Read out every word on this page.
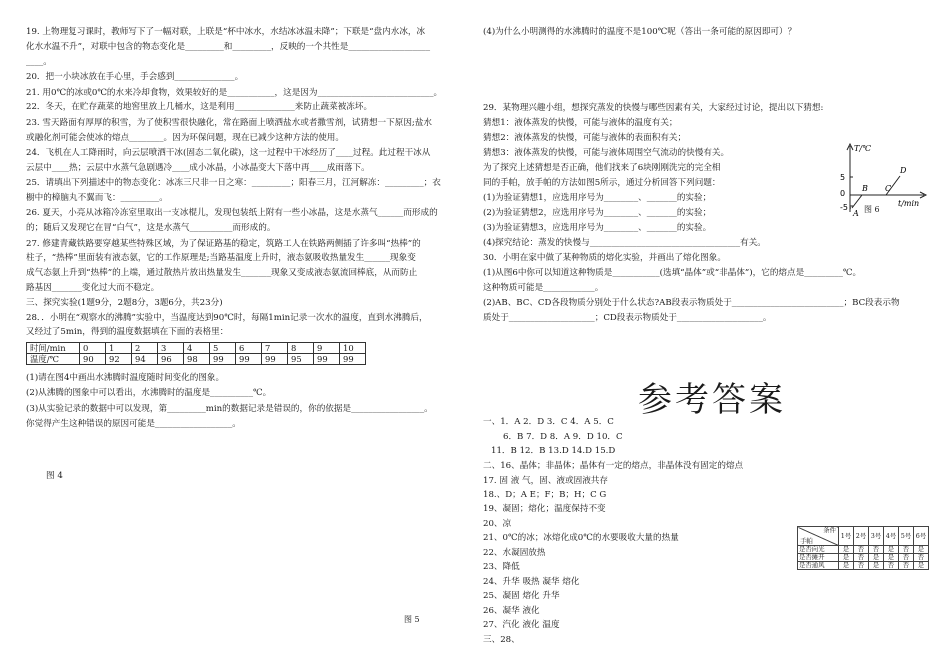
19. 上物理复习课时，教师写下了一幅对联，上联是“杯中冰水，水结冰冰温未降”；下联是“盘内水冰，冰
化水水温不升”，对联中包含的物态变化是_________和_________，反映的一个共性是___________________
____。
20．把一小块冰放在手心里，手会感到______________。
21. 用0℃的冰或0℃的水来冷却食物，效果较好的是___________，这是因为___________________________。
22．冬天，在贮存蔬菜的地窖里放上几桶水，这是利用______________来防止蔬菜被冻坏。
23. 雪天路面有厚厚的积雪，为了使积雪很快融化，常在路面上喷洒盐水或者撒雪剂，试猜想一下原因;盐水
或融化剂可能会使冰的熔点________。因为环保问题，现在已减少这种方法的使用。
24．飞机在人工降雨时，向云层喷洒干冰(固态二氧化碳)，这一过程中干冰经历了____过程。此过程干冰从
云层中____热；云层中水蒸气急剧遇冷____成小冰晶，小冰晶变大下落中再____成雨落下。
25．请填出下列描述中的物态变化：冰冻三尺非一日之寒：_________；阳春三月，江河解冻：_________；衣
橱中的樟脑丸不翼而飞：_________。
26. 夏天，小亮从冰箱冷冻室里取出一支冰棍儿，发现包装纸上附有一些小冰晶，这是水蒸气______而形成的
的；随后又发现它在冒“白气”，这是水蒸气__________而形成的。
27. 修建青藏铁路要穿越某些特殊区域，为了保证路基的稳定，筑路工人在铁路两侧插了许多叫“热棒”的
柱子，“热棒”里面装有液态氨，它的工作原理是;当路基温度上升时，液态氨吸收热量发生______现象变
成气态氨上升到“热棒”的上端，通过散热片放出热量发生_______现象又变成液态氨流回棒底，从而防止
路基因_______变化过大而不稳定。
三、探究实验(1题9分，2题8分，3题6分，共23分)
28．．小明在“观察水的沸腾”实验中，当温度达到90℃时，每隔1min记录一次水的温度，直到水沸腾后，
又经过了5min，得到的温度数据填在下面的表格里：
时间/min	0	1	2	3	4	5	6	7	8	9	10
温度/℃	90	92	94	96	98	99	99	99	95	99	99
(1)请在图4中画出水沸腾时温度随时间变化的图象。
(2)从沸腾的图象中可以看出，水沸腾时的温度是__________℃。
(3)从实验记录的数据中可以发现，第_________min的数据记录是错误的，你的依据是_________________。
你觉得产生这种错误的原因可能是__________________。
图 4
(4)为什么小明测得的水沸腾时的温度不是100℃呢（答出一条可能的原因即可）？
29．某物理兴趣小组，想探究蒸发的快慢与哪些因素有关，大家经过讨论，提出以下猜想:
猜想1：液体蒸发的快慢，可能与液体的温度有关；
猜想2：液体蒸发的快慢，可能与液体的表面积有关；
猜想3：液体蒸发的快慢，可能与液体周围空气流动的快慢有关。
为了探究上述猜想是否正确，他们找来了6块刚刚洗完的完全相
同的手帕，放手帕的方法如图5所示，通过分析回答下列问题：
(1)为验证猜想1，应选用序号为________、_______的实验；
(2)为验证猜想2，应选用序号为________、_______的实验；
(3)为验证猜想3，应选用序号为________、_______的实验。
(4)探究结论：蒸发的快慢与___________________________________有关。
30．小明在家中做了某种物质的熔化实验，并画出了熔化图象。
(1)从图6中你可以知道这种物质是___________(选填“晶体”或“非晶体”)，它的熔点是_________℃。
这种物质可能是____________。
(2)AB、BC、CD各段物质分别处于什么状态?AB段表示物质处于__________________________；BC段表示物
质处于____________________；CD段表示物质处于____________________。
参考答案
一、1．A 2．D 3．C 4．A 5．C
6．B 7．D 8．A 9．D 10．C
11．B 12．B 13.D 14.D 15.D
二、16、晶体；非晶体；晶体有一定的熔点，非晶体没有固定的熔点
17. 固 液 气，固、液或固液共存
18.、D；A E；F；B；H；C G
19、凝固；熔化；温度保持不变
20、凉
21、0℃的冰；冰熔化成0℃的水要吸收大量的热量
22、水凝固放热
23、降低
24、升华 吸热 凝华 熔化
25、凝固 熔化 升华
26、凝华 液化
27、汽化 液化 温度
三、28、
图 5
T/℃
t/min
5
0
-5
A
B C
D
图 6
条件
手帕	1号	2号	3号	4号	5号	6号
是否向光	是	否	否	是	否	是
是否摊开	是	否	是	是	否	否
是否通风	是	否	是	否	否	是
